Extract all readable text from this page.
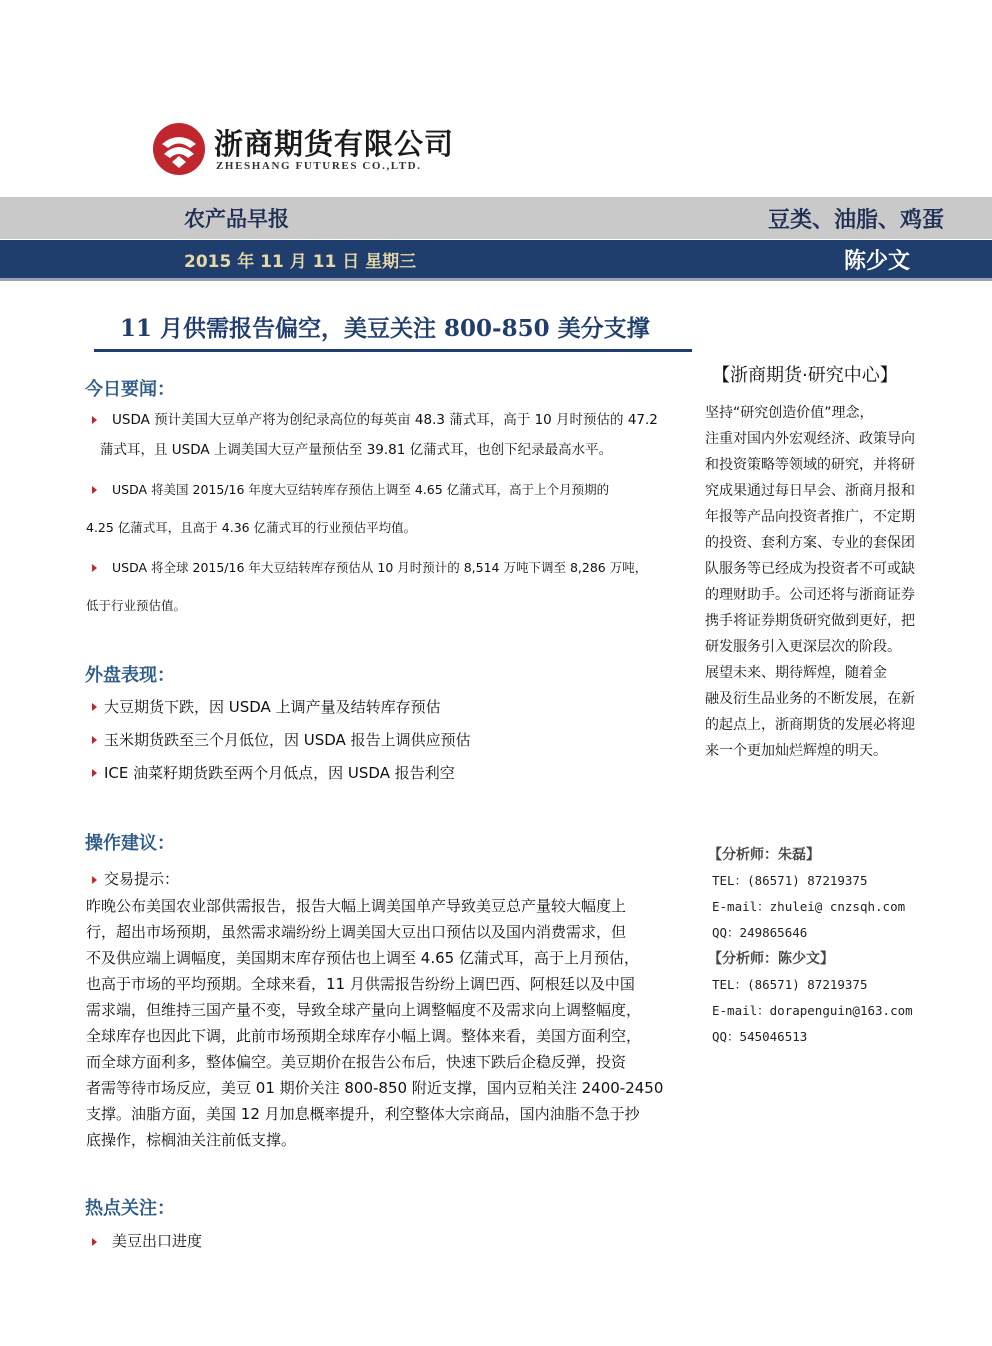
浙商期货有限公司
ZHESHANG FUTURES CO.,LTD.
农产品早报	豆类、油脂、鸡蛋
2015 年 11 月 11 日 星期三	陈少文
11 月供需报告偏空，美豆关注 800-850 美分支撑
今日要闻：
USDA 预计美国大豆单产将为创纪录高位的每英亩 48.3 蒲式耳，高于 10 月时预估的 47.2
蒲式耳，且 USDA 上调美国大豆产量预估至 39.81 亿蒲式耳，也创下纪录最高水平。
USDA 将美国 2015/16 年度大豆结转库存预估上调至 4.65 亿蒲式耳，高于上个月预期的
4.25 亿蒲式耳，且高于 4.36 亿蒲式耳的行业预估平均值。
USDA 将全球 2015/16 年大豆结转库存预估从 10 月时预计的 8,514 万吨下调至 8,286 万吨，
低于行业预估值。
外盘表现：
大豆期货下跌，因 USDA 上调产量及结转库存预估
玉米期货跌至三个月低位，因 USDA 报告上调供应预估
ICE 油菜籽期货跌至两个月低点，因 USDA 报告利空
操作建议：
交易提示：
昨晚公布美国农业部供需报告，报告大幅上调美国单产导致美豆总产量较大幅度上
行，超出市场预期，虽然需求端纷纷上调美国大豆出口预估以及国内消费需求，但
不及供应端上调幅度，美国期末库存预估也上调至 4.65 亿蒲式耳，高于上月预估，
也高于市场的平均预期。全球来看，11 月供需报告纷纷上调巴西、阿根廷以及中国
需求端，但维持三国产量不变，导致全球产量向上调整幅度不及需求向上调整幅度，
全球库存也因此下调，此前市场预期全球库存小幅上调。整体来看，美国方面利空，
而全球方面利多，整体偏空。美豆期价在报告公布后，快速下跌后企稳反弹，投资
者需等待市场反应，美豆 01 期价关注 800-850 附近支撑，国内豆粕关注 2400-2450
支撑。油脂方面，美国 12 月加息概率提升，利空整体大宗商品，国内油脂不急于抄
底操作，棕榈油关注前低支撑。
热点关注：
美豆出口进度
【浙商期货·研究中心】
坚持“研究创造价值”理念，
注重对国内外宏观经济、政策导向
和投资策略等领域的研究，并将研
究成果通过每日早会、浙商月报和
年报等产品向投资者推广，不定期
的投资、套利方案、专业的套保团
队服务等已经成为投资者不可或缺
的理财助手。公司还将与浙商证券
携手将证券期货研究做到更好，把
研发服务引入更深层次的阶段。
展望未来、期待辉煌，随着金
融及衍生品业务的不断发展，在新
的起点上，浙商期货的发展必将迎
来一个更加灿烂辉煌的明天。
【分析师：朱磊】
TEL：(86571) 87219375
E-mail：zhulei@ cnzsqh.com
QQ：249865646
【分析师：陈少文】
TEL：(86571) 87219375
E-mail：dorapenguin@163.com
QQ：545046513
